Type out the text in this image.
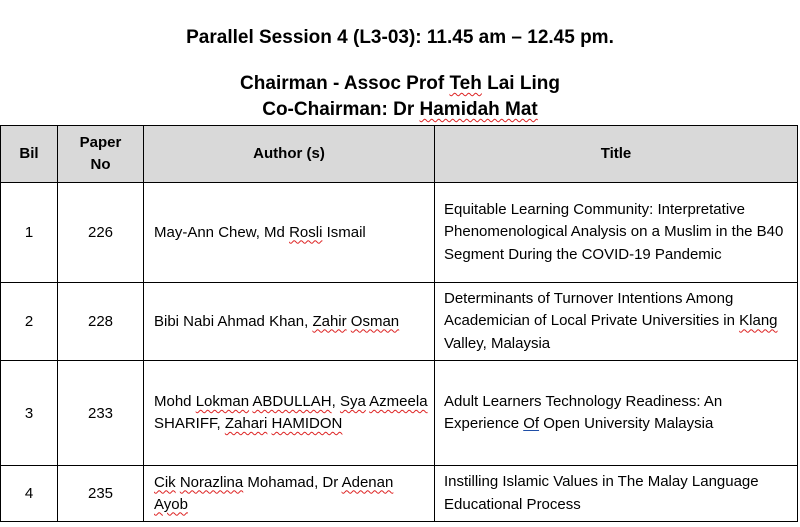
Parallel Session 4 (L3-03): 11.45 am – 12.45 pm.
Chairman - Assoc Prof Teh Lai Ling
Co-Chairman: Dr Hamidah Mat
Bil	Paper No	Author (s)	Title
1	226	May-Ann Chew, Md Rosli Ismail	Equitable Learning Community: Interpretative Phenomenological Analysis on a Muslim in the B40 Segment During the COVID-19 Pandemic
2	228	Bibi Nabi Ahmad Khan, Zahir Osman	Determinants of Turnover Intentions Among Academician of Local Private Universities in Klang Valley, Malaysia
3	233	Mohd Lokman ABDULLAH, Sya Azmeela SHARIFF, Zahari HAMIDON	Adult Learners Technology Readiness: An Experience Of Open University Malaysia
4	235	Cik Norazlina Mohamad, Dr Adenan Ayob	Instilling Islamic Values in The Malay Language Educational Process
